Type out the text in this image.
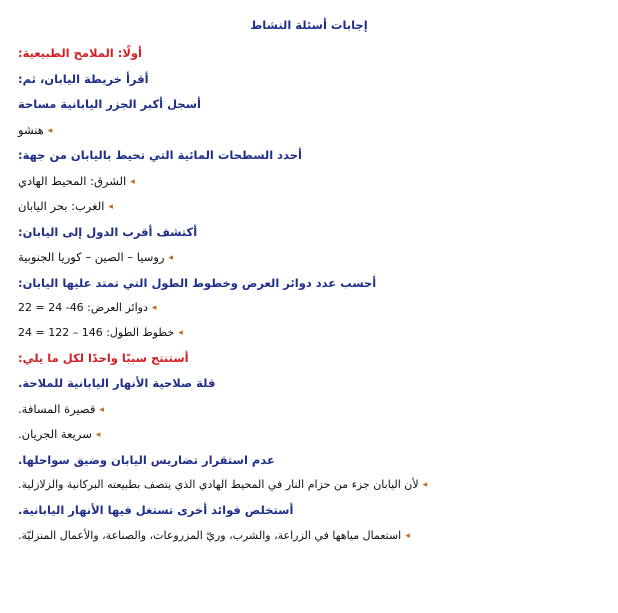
إجابات أسئلة النشاط
أولًا: الملامح الطبيعية:
أقرأ خريطة اليابان، ثم:
أسجل أكبر الجزر اليابانية مساحة
◂
هنشو
أحدد السطحات المائية التي تحيط باليابان من جهة:
◂
الشرق: المحيط الهادي
◂
الغرب: بحر اليابان
أكتشف أقرب الدول إلى اليابان:
◂
روسيا – الصين – كوريا الجنوبية
أحسب عدد دوائر العرض وخطوط الطول التي تمتد عليها اليابان:
◂
دوائر العرض: 46- 24 = 22
◂
خطوط الطول: 146 – 122 = 24
أستنتج سببًا واحدًا لكل ما يلي:
قلة صلاحية الأنهار اليابانية للملاحة.
◂
قصيرة المسافة.
◂
سريعة الجريان.
عدم استقرار تضاريس اليابان وضيق سواحلها.
◂
لأن اليابان جزء من حزام النار في المحيط الهادي الذي يتصف بطبيعته البركانية والزلازلية.
أستخلص فوائد أخرى تستغل فيها الأنهار اليابانية.
◂
استعمال مياهها في الزراعة، والشرب، وريّ المزروعات، والصناعة، والأعمال المنزليّة.
